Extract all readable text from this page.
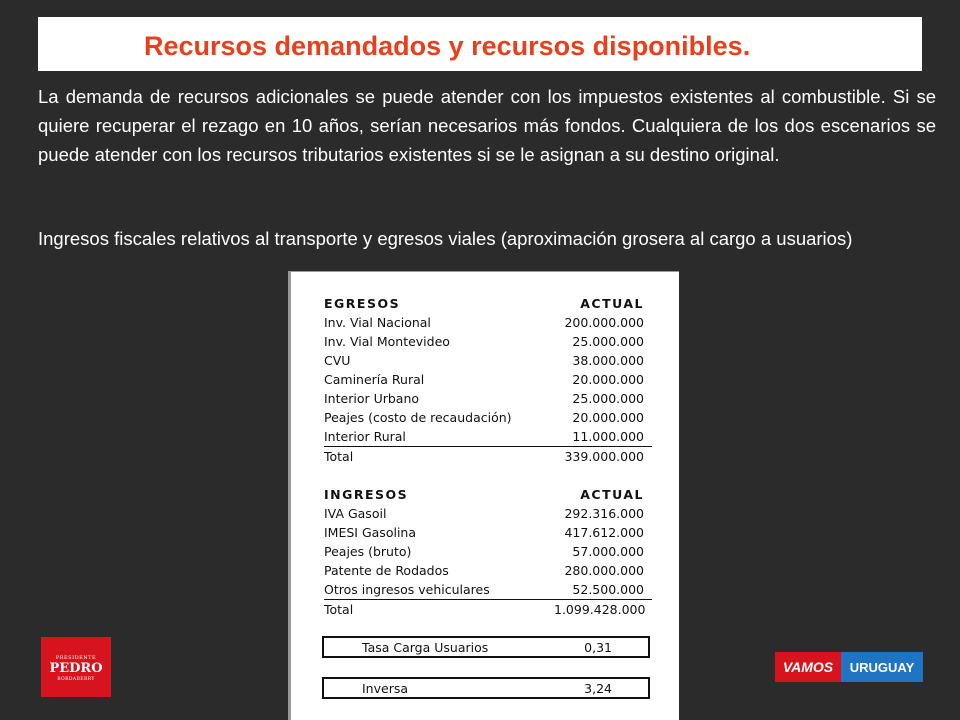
Recursos demandados y recursos disponibles.

La demanda de recursos adicionales se puede atender con los impuestos existentes al combustible. Si se quiere recuperar el rezago en 10 años, serían necesarios más fondos. Cualquiera de los dos escenarios se puede atender con los recursos tributarios existentes si se le asignan a su destino original.

Ingresos fiscales relativos al transporte y egresos viales (aproximación grosera al cargo a usuarios)

EGRESOS	ACTUAL
Inv. Vial Nacional	200.000.000
Inv. Vial Montevideo	25.000.000
CVU	38.000.000
Caminería Rural	20.000.000
Interior Urbano	25.000.000
Peajes (costo de recaudación)	20.000.000
Interior Rural	11.000.000
Total	339.000.000
INGRESOS	ACTUAL
IVA Gasoil	292.316.000
IMESI Gasolina	417.612.000
Peajes (bruto)	57.000.000
Patente de Rodados	280.000.000
Otros ingresos vehiculares	52.500.000
Total	1.099.428.000
Tasa Carga Usuarios	0,31
Inversa	3,24
PRESIDENTE
PEDRO
BORDABERRY
VAMOS	URUGUAY
